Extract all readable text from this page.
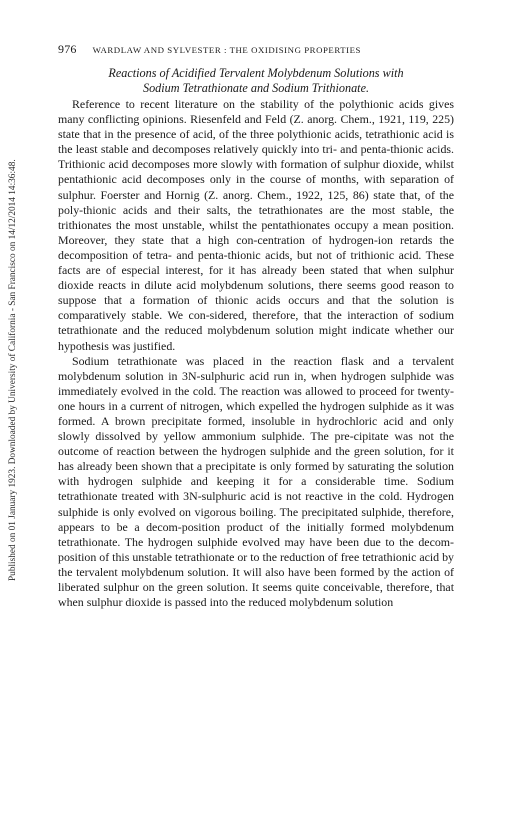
Published on 01 January 1923. Downloaded by University of California - San Francisco on 14/12/2014 14:36:48.
976 WARDLAW AND SYLVESTER : THE OXIDISING PROPERTIES
Reactions of Acidified Tervalent Molybdenum Solutions with
Sodium Tetrathionate and Sodium Trithionate.

Reference to recent literature on the stability of the polythionic acids gives many conflicting opinions. Riesenfeld and Feld (Z. anorg. Chem., 1921, 119, 225) state that in the presence of acid, of the three polythionic acids, tetrathionic acid is the least stable and decomposes relatively quickly into tri- and penta-thionic acids. Trithionic acid decomposes more slowly with formation of sulphur dioxide, whilst pentathionic acid decomposes only in the course of months, with separation of sulphur. Foerster and Hornig (Z. anorg. Chem., 1922, 125, 86) state that, of the poly-thionic acids and their salts, the tetrathionates are the most stable, the trithionates the most unstable, whilst the pentathionates occupy a mean position. Moreover, they state that a high con-centration of hydrogen-ion retards the decomposition of tetra- and penta-thionic acids, but not of trithionic acid. These facts are of especial interest, for it has already been stated that when sulphur dioxide reacts in dilute acid molybdenum solutions, there seems good reason to suppose that a formation of thionic acids occurs and that the solution is comparatively stable. We con-sidered, therefore, that the interaction of sodium tetrathionate and the reduced molybdenum solution might indicate whether our hypothesis was justified.

Sodium tetrathionate was placed in the reaction flask and a tervalent molybdenum solution in 3N-sulphuric acid run in, when hydrogen sulphide was immediately evolved in the cold. The reaction was allowed to proceed for twenty-one hours in a current of nitrogen, which expelled the hydrogen sulphide as it was formed. A brown precipitate formed, insoluble in hydrochloric acid and only slowly dissolved by yellow ammonium sulphide. The pre-cipitate was not the outcome of reaction between the hydrogen sulphide and the green solution, for it has already been shown that a precipitate is only formed by saturating the solution with hydrogen sulphide and keeping it for a considerable time. Sodium tetrathionate treated with 3N-sulphuric acid is not reactive in the cold. Hydrogen sulphide is only evolved on vigorous boiling. The precipitated sulphide, therefore, appears to be a decom-position product of the initially formed molybdenum tetrathionate. The hydrogen sulphide evolved may have been due to the decom-position of this unstable tetrathionate or to the reduction of free tetrathionic acid by the tervalent molybdenum solution. It will also have been formed by the action of liberated sulphur on the green solution. It seems quite conceivable, therefore, that when sulphur dioxide is passed into the reduced molybdenum solution
